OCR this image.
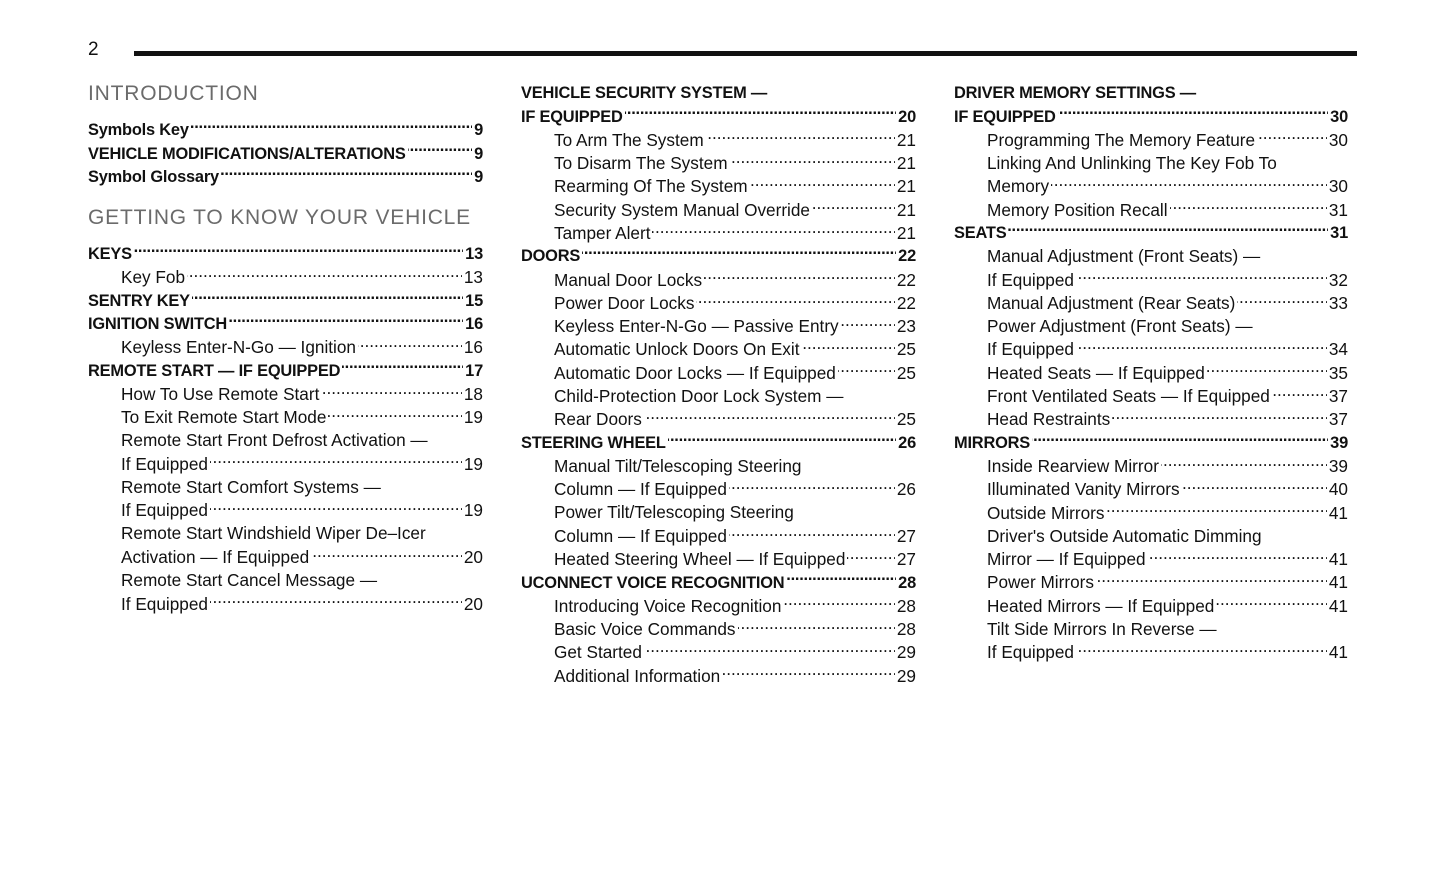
2
INTRODUCTION
Symbols Key . . .	9
VEHICLE MODIFICATIONS/ALTERATIONS . . .	9
Symbol Glossary . . .	9
GETTING TO KNOW YOUR VEHICLE
KEYS . . .	13
Key Fob . . .	13
SENTRY KEY . . .	15
IGNITION SWITCH . . .	16
Keyless Enter-N-Go — Ignition . . .	16
REMOTE START — IF EQUIPPED . . .	17
How To Use Remote Start . . .	18
To Exit Remote Start Mode . . .	19
Remote Start Front Defrost Activation —
If Equipped . . .	19
Remote Start Comfort Systems —
If Equipped . . .	19
Remote Start Windshield Wiper De–Icer
Activation — If Equipped . . .	20
Remote Start Cancel Message —
If Equipped . . .	20
VEHICLE SECURITY SYSTEM —
IF EQUIPPED . . .	20
To Arm The System . . .	21
To Disarm The System . . .	21
Rearming Of The System . . .	21
Security System Manual Override . . .	21
Tamper Alert . . .	21
DOORS . . .	22
Manual Door Locks . . .	22
Power Door Locks . . .	22
Keyless Enter-N-Go — Passive Entry . . .	23
Automatic Unlock Doors On Exit . . .	25
Automatic Door Locks — If Equipped . . .	25
Child-Protection Door Lock System —
Rear Doors . . .	25
STEERING WHEEL . . .	26
Manual Tilt/Telescoping Steering
Column — If Equipped . . .	26
Power Tilt/Telescoping Steering
Column — If Equipped . . .	27
Heated Steering Wheel — If Equipped . . .	27
UCONNECT VOICE RECOGNITION . . .	28
Introducing Voice Recognition . . .	28
Basic Voice Commands . . .	28
Get Started . . .	29
Additional Information . . .	29
DRIVER MEMORY SETTINGS —
IF EQUIPPED . . .	30
Programming The Memory Feature . . .	30
Linking And Unlinking The Key Fob To
Memory . . .	30
Memory Position Recall . . .	31
SEATS . . .	31
Manual Adjustment (Front Seats) —
If Equipped . . .	32
Manual Adjustment (Rear Seats) . . .	33
Power Adjustment (Front Seats) —
If Equipped . . .	34
Heated Seats — If Equipped . . .	35
Front Ventilated Seats — If Equipped . . .	37
Head Restraints . . .	37
MIRRORS . . .	39
Inside Rearview Mirror . . .	39
Illuminated Vanity Mirrors . . .	40
Outside Mirrors . . .	41
Driver's Outside Automatic Dimming
Mirror — If Equipped . . .	41
Power Mirrors . . .	41
Heated Mirrors — If Equipped . . .	41
Tilt Side Mirrors In Reverse —
If Equipped . . .	41
